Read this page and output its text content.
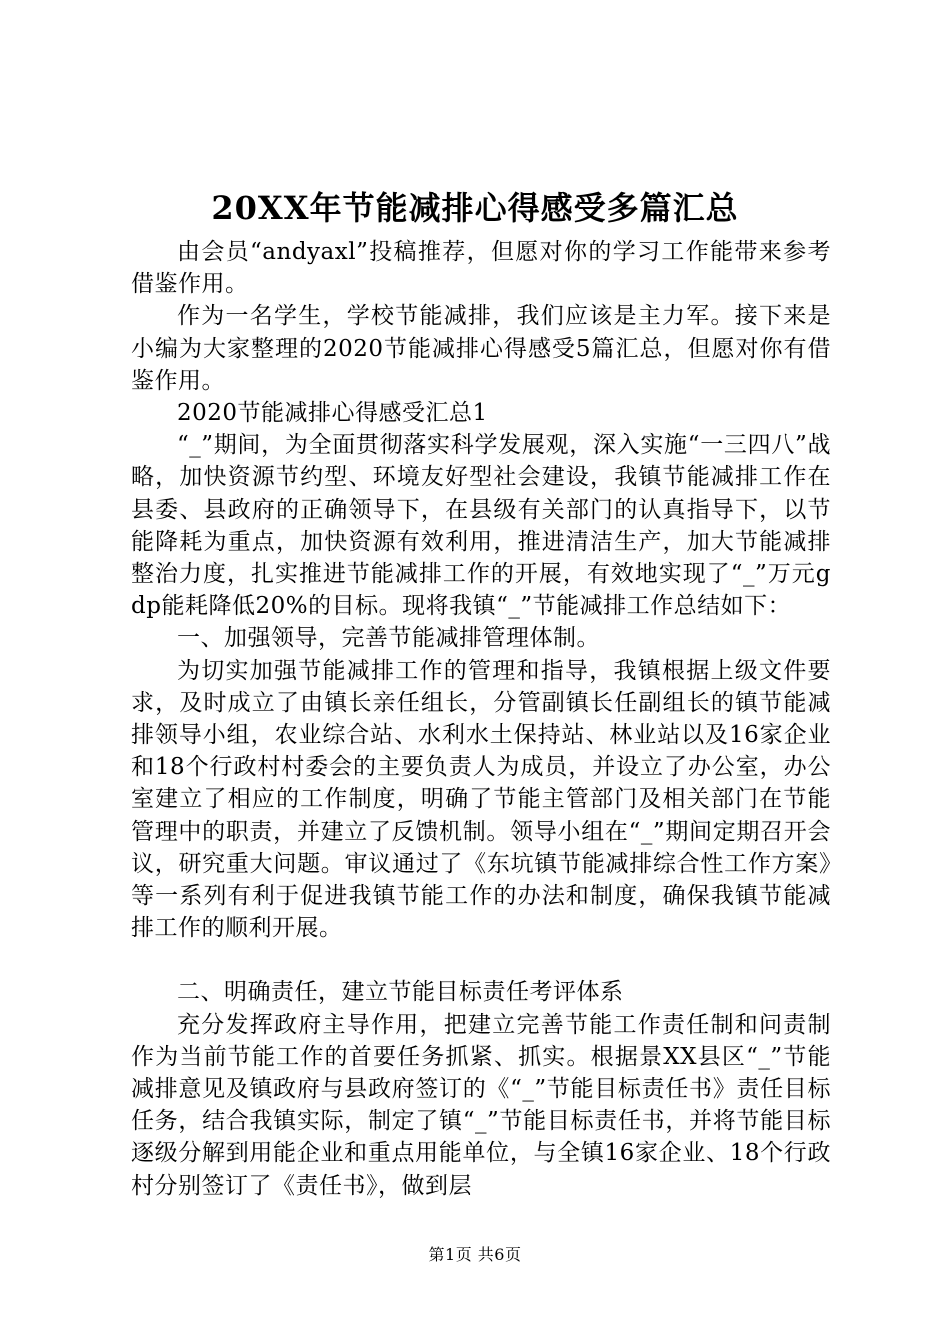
20XX年节能减排心得感受多篇汇总

由会员“andyaxl”投稿推荐，但愿对你的学习工作能带来参考借鉴作用。

作为一名学生，学校节能减排，我们应该是主力军。接下来是小编为大家整理的2020节能减排心得感受5篇汇总，但愿对你有借鉴作用。

2020节能减排心得感受汇总1

“_”期间，为全面贯彻落实科学发展观，深入实施“一三四八”战略，加快资源节约型、环境友好型社会建设，我镇节能减排工作在县委、县政府的正确领导下，在县级有关部门的认真指导下，以节能降耗为重点，加快资源有效利用，推进清洁生产，加大节能减排整治力度，扎实推进节能减排工作的开展，有效地实现了“_”万元gdp能耗降低20%的目标。现将我镇“_”节能减排工作总结如下：

一、加强领导，完善节能减排管理体制。

为切实加强节能减排工作的管理和指导，我镇根据上级文件要求，及时成立了由镇长亲任组长，分管副镇长任副组长的镇节能减排领导小组，农业综合站、水利水土保持站、林业站以及16家企业和18个行政村村委会的主要负责人为成员，并设立了办公室，办公室建立了相应的工作制度，明确了节能主管部门及相关部门在节能管理中的职责，并建立了反馈机制。领导小组在“_”期间定期召开会议，研究重大问题。审议通过了《东坑镇节能减排综合性工作方案》等一系列有利于促进我镇节能工作的办法和制度，确保我镇节能减排工作的顺利开展。

二、明确责任，建立节能目标责任考评体系

充分发挥政府主导作用，把建立完善节能工作责任制和问责制作为当前节能工作的首要任务抓紧、抓实。根据景XX县区“_”节能减排意见及镇政府与县政府签订的《“_”节能目标责任书》责任目标任务，结合我镇实际，制定了镇“_”节能目标责任书，并将节能目标逐级分解到用能企业和重点用能单位，与全镇16家企业、18个行政村分别签订了《责任书》，做到层

第1页 共6页
